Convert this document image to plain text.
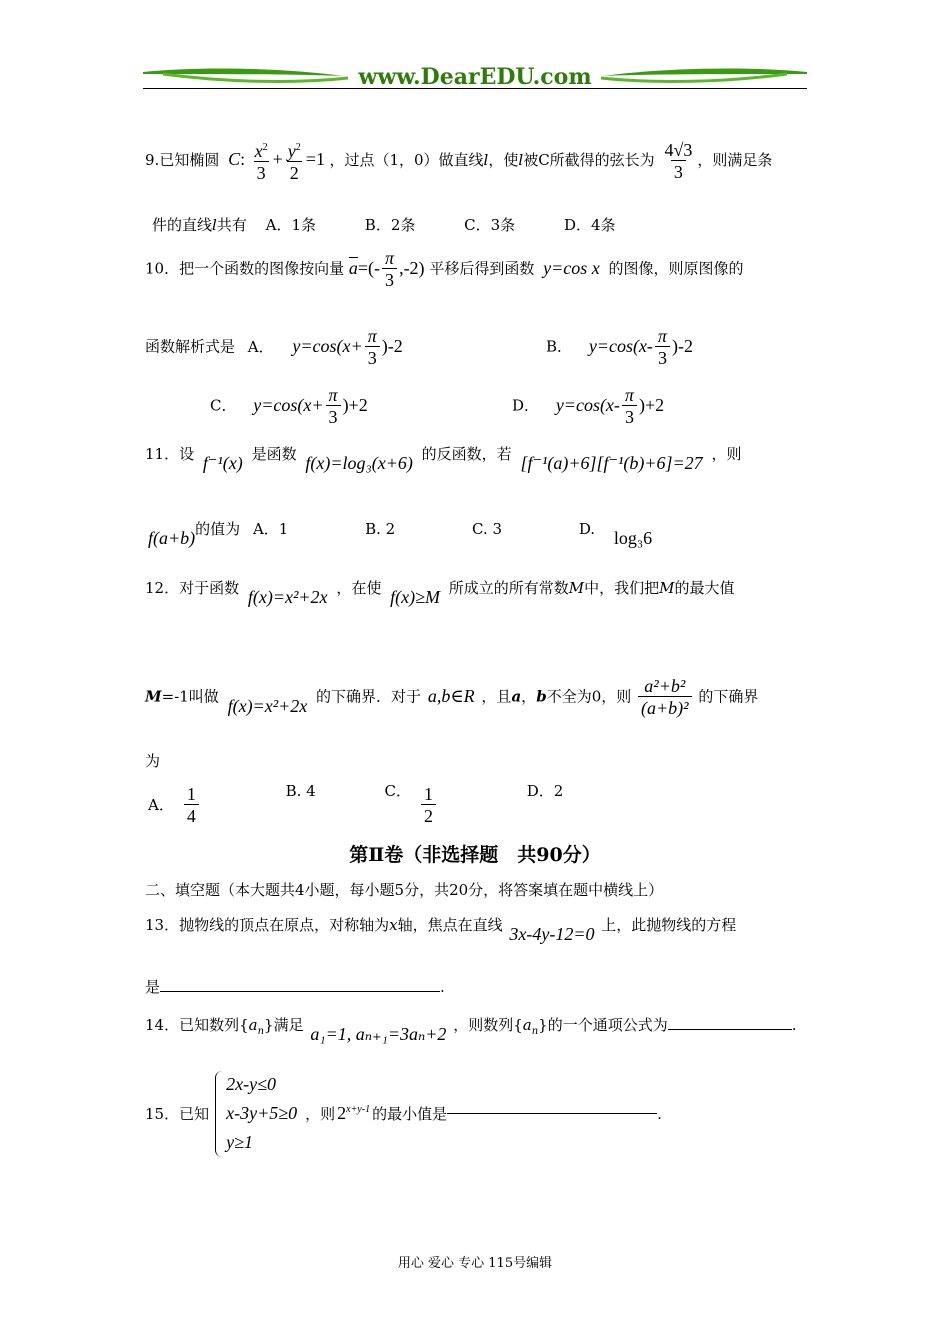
www.DearEDU.com
9.已知椭圆 C: $\frac{x^2}{3} + \frac{y^2}{2} =1$ ，过点（1，0）做直线l，使l被C所截得的弦长为 $\frac{4√3}{3}$ ，则满足条
件的直线l共有 A．1条	B．2条	C．3条	D．4条
10．把一个函数的图像按向量 $\overline{a}=(- \frac{\pi}{3} ,-2)$ 平移后得到函数 y=cos x 的图像，则原图像的
函数解析式是 A． $y=\cos(x+ \frac{\pi}{3} )-2$	B． $y=\cos(x- \frac{\pi}{3} )-2$
C． $y=\cos(x+ \frac{\pi}{3} )+2$	D． $y=\cos(x- \frac{\pi}{3} )+2$
11．设 f⁻¹(x) 是函数 f(x)=log₃(x+6) 的反函数，若 [f⁻¹(a)+6][f⁻¹(b)+6]=27 ，则
f(a+b)的值为 A．1	B. 2	C. 3	D. log₃6
12．对于函数 f(x)=x²+2x ，在使 f(x)≥M 所成立的所有常数M中，我们把M的最大值
M=-1叫做 f(x)=x²+2x 的下确界．对于 a,b∈R ，且a，b不全为0，则 $\frac{\text{a²+b²}}{\text{(a+b)²}}$ 的下确界
为
A． $\frac{1}{4}$	B. 4	C． $\frac{1}{2}$	D．2
第Ⅱ卷（非选择题　共90分）
二、填空题（本大题共4小题，每小题5分，共20分，将答案填在题中横线上）
13．抛物线的顶点在原点，对称轴为x轴，焦点在直线 3x-4y-12=0 上，此抛物线的方程
是	.
14．已知数列$\{a_n\}$满足 a₁=1, aₙ₊₁=3aₙ+2 ，则数列$\{a_n\}$的一个通项公式为	.
15．已知
2x-y≤0
x-3y+5≥0
y≥1
，则 $2^{x+y-1}$ 的最小值是	.
用心 爱心 专心 115号编辑
